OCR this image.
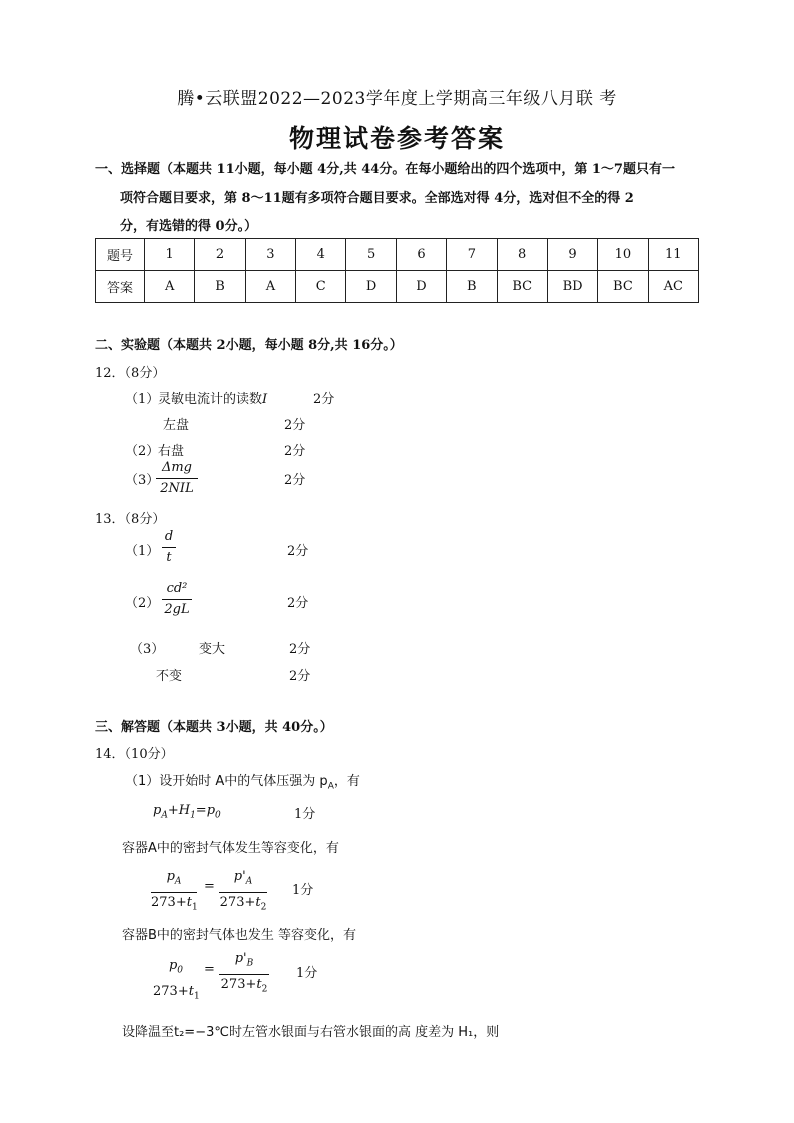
腾•云联盟2022—2023学年度上学期高三年级八月联 考
物理试卷参考答案
一、选择题（本题共 11小题，每小题 4分,共 44分。在每小题给出的四个选项中，第 1～7题只有一
项符合题目要求，第 8～11题有多项符合题目要求。全部选对得 4分，选对但不全的得 2
分，有选错的得 0分。）
题号	1	2	3	4	5	6	7	8	9	10	11
答案	A	B	A	C	D	D	B	BC	BD	BC	AC
二、实验题（本题共 2小题，每小题 8分,共 16分。）
12．（8分）
（1）
灵敏电流计的读数I	2分
左盘	2分
（2）
右盘	2分
（3）
Δmg
2NIL
2分
13．（8分）
（1）
d
t	2分
（2）
cd²
2gL	2分
（3）	变大	2分
不变	2分
三、解答题（本题共 3小题，共 40分。）
14．（10分）
（1）设开始时 A中的气体压强为 $p_A$，有
$p_A+H_1=p_0$	1分
容器A中的密封气体发生等容变化，有
$p_A$
$273+t_1$
=
$p'_A$
$273+t_2$
1分
容器B中的密封气体也发生 等容变化，有
$p_0$
$273+t_1$
=
$p'_B$
$273+t_2$
1分
设降温至t₂=−3℃时左管水银面与右管水银面的高 度差为 H₁，则
